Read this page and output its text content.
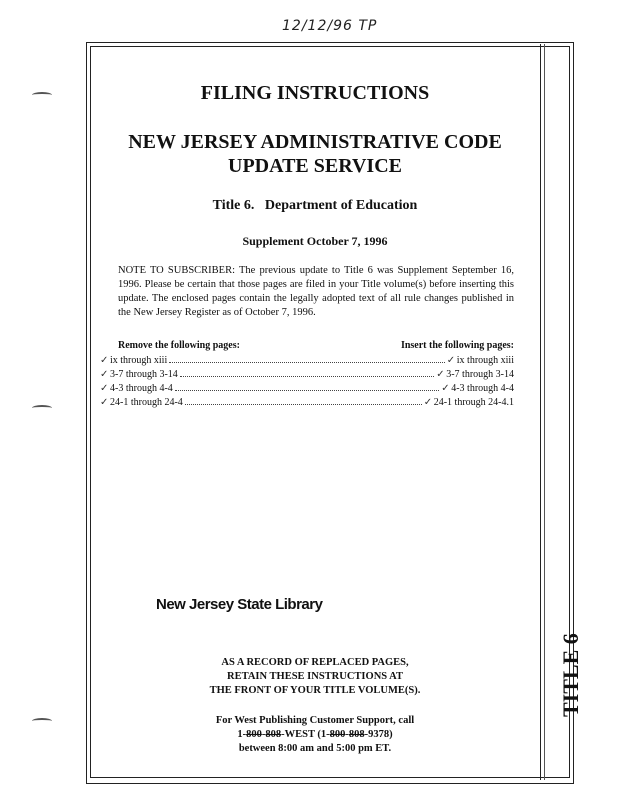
12/12/96 TP
TITLE 6
FILING INSTRUCTIONS
NEW JERSEY ADMINISTRATIVE CODE
UPDATE SERVICE
Title 6.   Department of Education
Supplement October 7, 1996
NOTE TO SUBSCRIBER: The previous update to Title 6 was Supplement September 16, 1996. Please be certain that those pages are filed in your Title volume(s) before inserting this update. The enclosed pages contain the legally adopted text of all rule changes published in the New Jersey Register as of October 7, 1996.
Remove the following pages:	Insert the following pages:
✓ ix through xiii	✓ ix through xiii
✓ 3-7 through 3-14	✓ 3-7 through 3-14
✓ 4-3 through 4-4	✓ 4-3 through 4-4
✓ 24-1 through 24-4	✓ 24-1 through 24-4.1
New Jersey State Library
AS A RECORD OF REPLACED PAGES,
RETAIN THESE INSTRUCTIONS AT
THE FRONT OF YOUR TITLE VOLUME(S).
For West Publishing Customer Support, call
1-800-808-WEST (1-800-808-9378)
between 8:00 am and 5:00 pm ET.
